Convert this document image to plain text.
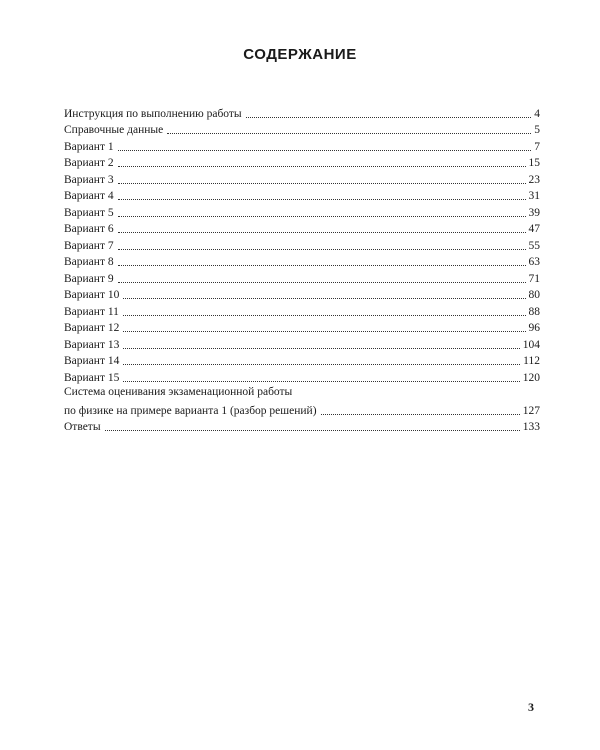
СОДЕРЖАНИЕ
Инструкция по выполнению работы	4
Справочные данные	5
Вариант 1	7
Вариант 2	15
Вариант 3	23
Вариант 4	31
Вариант 5	39
Вариант 6	47
Вариант 7	55
Вариант 8	63
Вариант 9	71
Вариант 10	80
Вариант 11	88
Вариант 12	96
Вариант 13	104
Вариант 14	112
Вариант 15	120
Система оценивания экзаменационной работы
по физике на примере варианта 1 (разбор решений)	127
Ответы	133
3
